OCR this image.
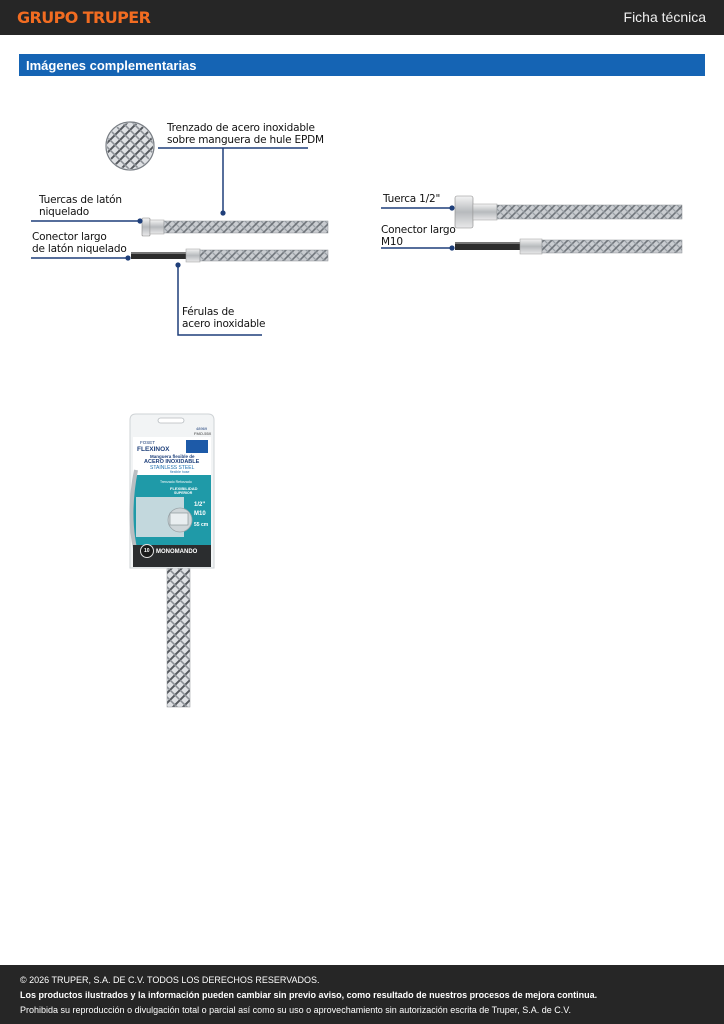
GRUPO TRUPER	Ficha técnica
Imágenes complementarias
Trenzado de acero inoxidable
sobre manguera de hule EPDM
Tuercas de latón
niquelado
Conector largo
de latón niquelado
Férulas de
acero inoxidable
Tuerca 1/2"
Conector largo
M10
FOSET
FLEXINOX
48969
FMO-55X
Manguera flexible de
ACERO INOXIDABLE
STAINLESS STEEL
flexible hose
Trenzado Reforzado
FLEXIBILIDAD
SUPERIOR
1/2"
M10
55 cm
10 MONOMANDO
© 2026 TRUPER, S.A. DE C.V. TODOS LOS DERECHOS RESERVADOS.
Los productos ilustrados y la información pueden cambiar sin previo aviso, como resultado de nuestros procesos de mejora continua.
Prohibida su reproducción o divulgación total o parcial así como su uso o aprovechamiento sin autorización escrita de Truper, S.A. de C.V.
